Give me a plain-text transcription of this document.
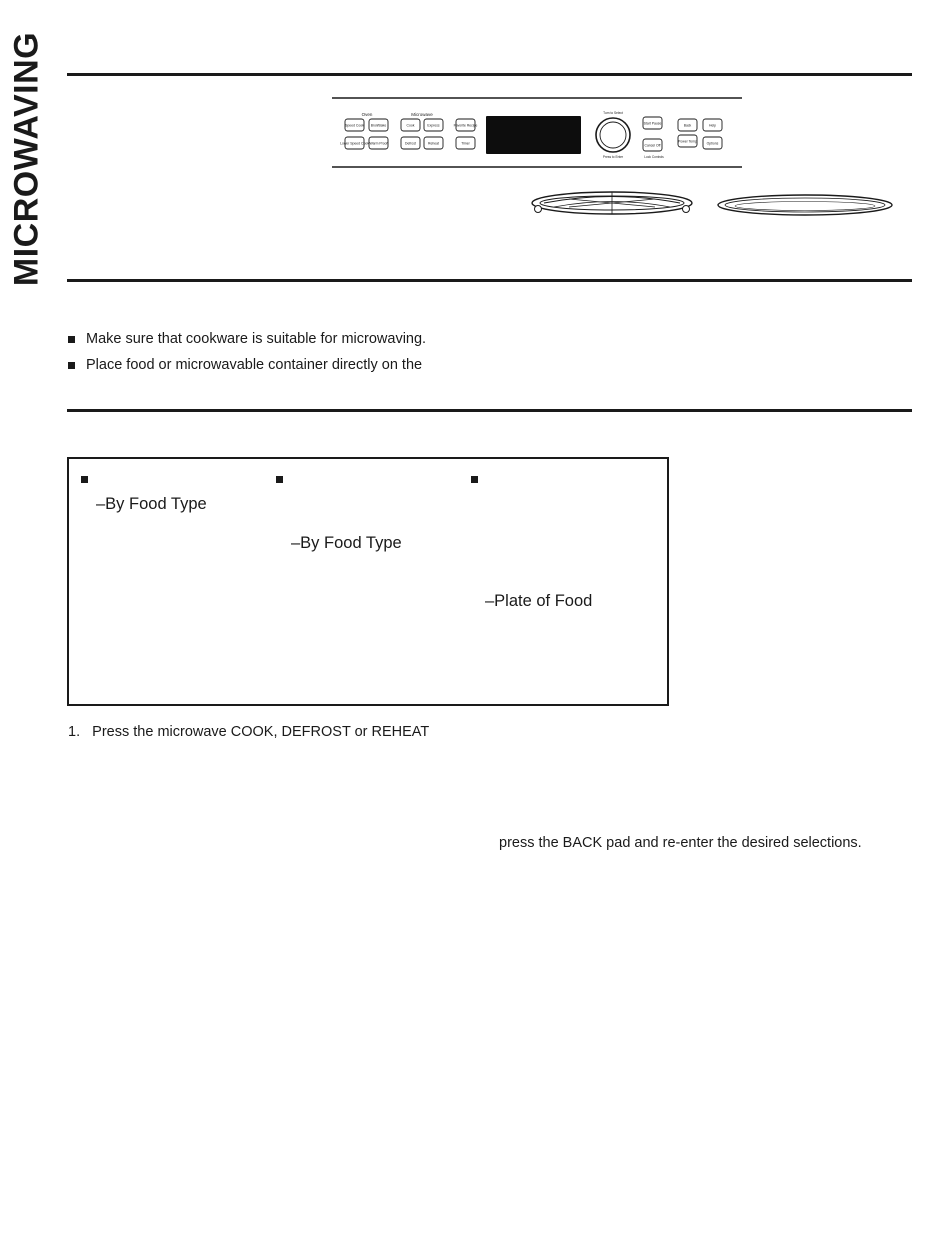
MICROWAVING	Oven	Microwave
Speed Cook Broil/Bake
Lower Speed Cook Warm Proof
Cook	Express
Defrost	Reheat
Favorite Recipe
Timer
Start Pause
Cancel Off
Back	Help
Power Temp	Options
Turn to Select
Press to Enter	Lock Controls
Make sure that cookware is suitable for microwaving.
Place food or microwavable container directly on the
–By Food Type
–By Food Type
–Plate of Food
1.   Press the microwave COOK, DEFROST or REHEAT
press the BACK pad and re-enter the desired selections.
